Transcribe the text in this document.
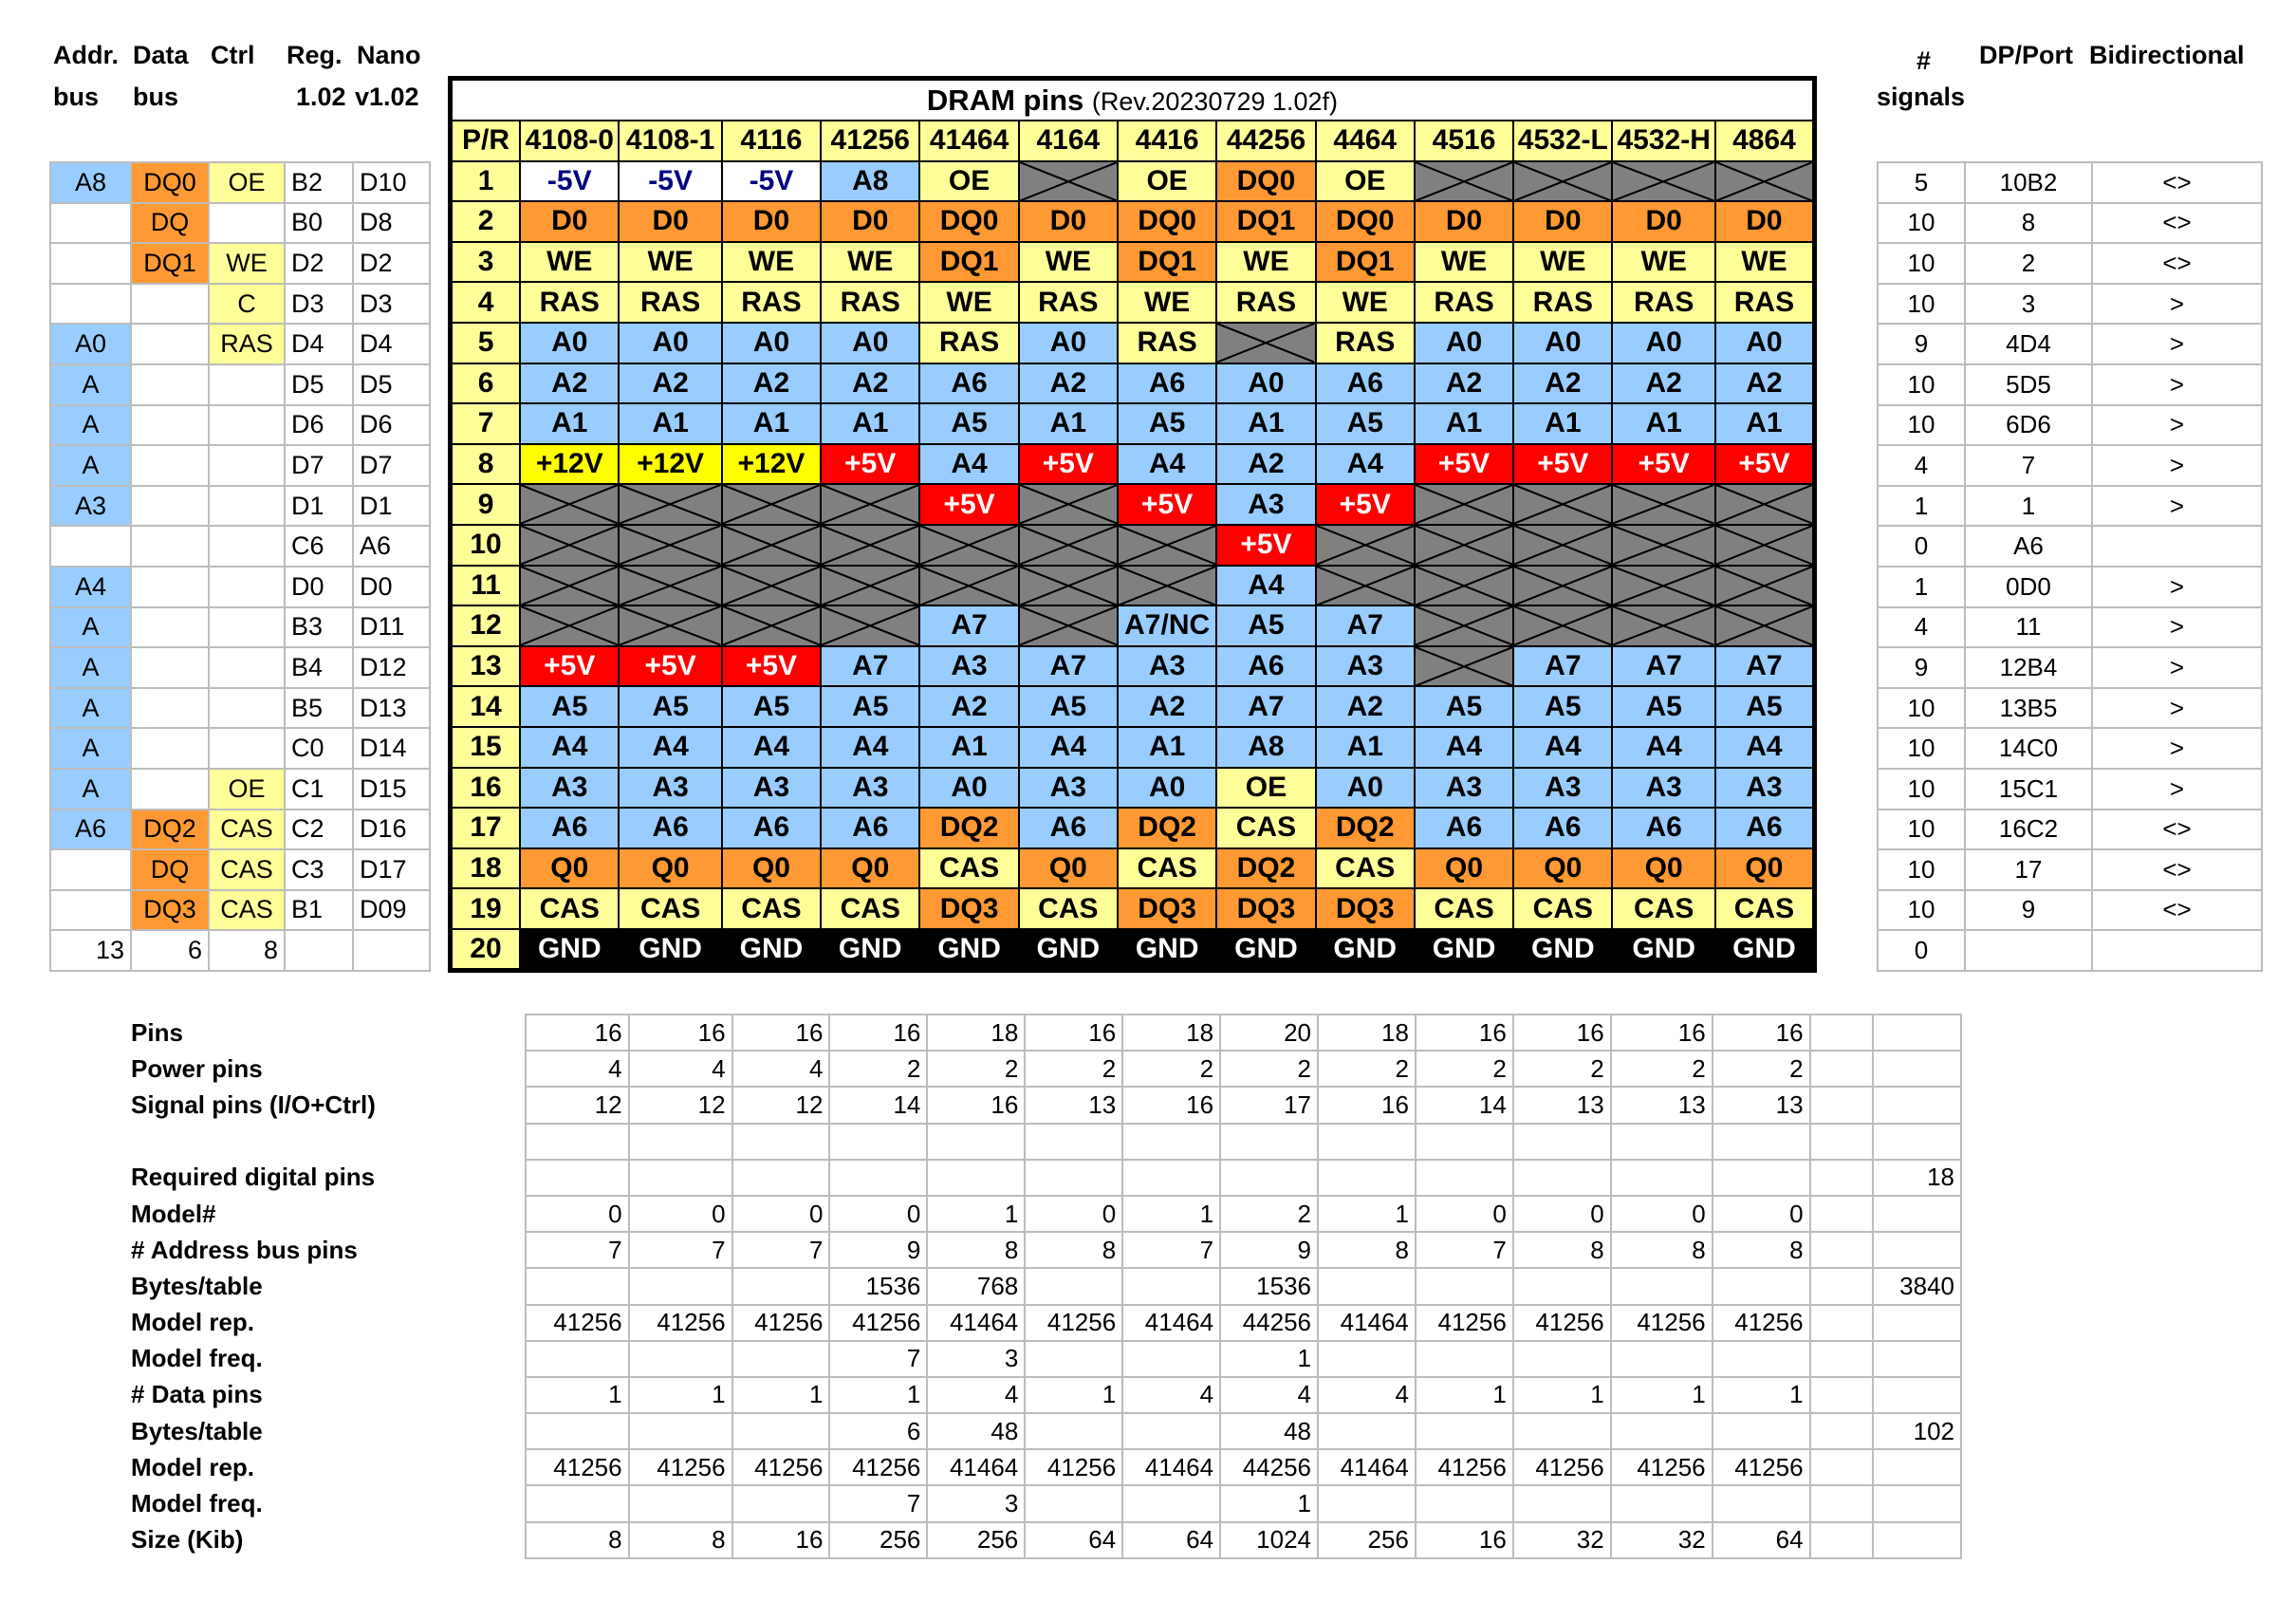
Addr. Data Ctrl Reg. Nano
bus bus	1.02 v1.02
A8	DQ0	OE	B2	D10
	DQ		B0	D8
	DQ1	WE	D2	D2
		C	D3	D3
A0		RAS	D4	D4
A			D5	D5
A			D6	D6
A			D7	D7
A3			D1	D1
			C6	A6
A4			D0	D0
A			B3	D11
A			B4	D12
A			B5	D13
A			C0	D14
A		OE	C1	D15
A6	DQ2	CAS	C2	D16
	DQ	CAS	C3	D17
	DQ3	CAS	B1	D09
13	6	8		
DRAM pins (Rev.20230729 1.02f)													
P/R	4108-0	4108-1	4116	41256	41464	4164	4416	44256	4464	4516	4532-L	4532-H	4864
1	-5V	-5V	-5V	A8	OE		OE	DQ0	OE	

2	D0	D0	D0	D0	DQ0	D0	DQ0	DQ1	DQ0	D0	D0	D0	D0
3	WE	WE	WE	WE	DQ1	WE	DQ1	WE	DQ1	WE	WE	WE	WE
4	RAS	RAS	RAS	RAS	WE	RAS	WE	RAS	WE	RAS	RAS	RAS	RAS
5	A0	A0	A0	A0	RAS	A0	RAS		RAS	A0	A0	A0	A0
6	A2	A2	A2	A2	A6	A2	A6	A0	A6	A2	A2	A2	A2
7	A1	A1	A1	A1	A5	A1	A5	A1	A5	A1	A1	A1	A1
8	+12V	+12V	+12V	+5V	A4	+5V	A4	A2	A4	+5V	+5V	+5V	+5V
9					+5V		+5V	A3	+5V	

10								+5V	

11								A4	

12					A7		A7/NC	A5	A7	

13	+5V	+5V	+5V	A7	A3	A7	A3	A6	A3		A7	A7	A7
14	A5	A5	A5	A5	A2	A5	A2	A7	A2	A5	A5	A5	A5
15	A4	A4	A4	A4	A1	A4	A1	A8	A1	A4	A4	A4	A4
16	A3	A3	A3	A3	A0	A3	A0	OE	A0	A3	A3	A3	A3
17	A6	A6	A6	A6	DQ2	A6	DQ2	CAS	DQ2	A6	A6	A6	A6
18	Q0	Q0	Q0	Q0	CAS	Q0	CAS	DQ2	CAS	Q0	Q0	Q0	Q0
19	CAS	CAS	CAS	CAS	DQ3	CAS	DQ3	DQ3	DQ3	CAS	CAS	CAS	CAS
20	GND	GND	GND	GND	GND	GND	GND	GND	GND	GND	GND	GND	GND
# DP/Port Bidirectional
signals
5	10B2	<>
10	8	<>
10	2	<>
10	3	>
9	4D4	>
10	5D5	>
10	6D6	>
4	7	>
1	1	>
0	A6	
1	0D0	>
4	11	>
9	12B4	>
10	13B5	>
10	14C0	>
10	15C1	>
10	16C2	<>
10	17	<>
10	9	<>
0		
Pins	16	16	16	16	18	16	18	20	18	16	16	16	16		
Power pins	4	4	4	2	2	2	2	2	2	2	2	2	2		
Signal pins (I/O+Ctrl)	12	12	12	14	16	13	16	17	16	14	13	13	13		

Required digital pins															18
Model#	0	0	0	0	1	0	1	2	1	0	0	0	0		
# Address bus pins	7	7	7	9	8	8	7	9	8	7	8	8	8		
Bytes/table				1536	768			1536							3840
Model rep.	41256	41256	41256	41256	41464	41256	41464	44256	41464	41256	41256	41256	41256		
Model freq.				7	3			1							
# Data pins	1	1	1	1	4	1	4	4	4	1	1	1	1		
Bytes/table				6	48			48							102
Model rep.	41256	41256	41256	41256	41464	41256	41464	44256	41464	41256	41256	41256	41256		
Model freq.				7	3			1							
Size (Kib)	8	8	16	256	256	64	64	1024	256	16	32	32	64		
